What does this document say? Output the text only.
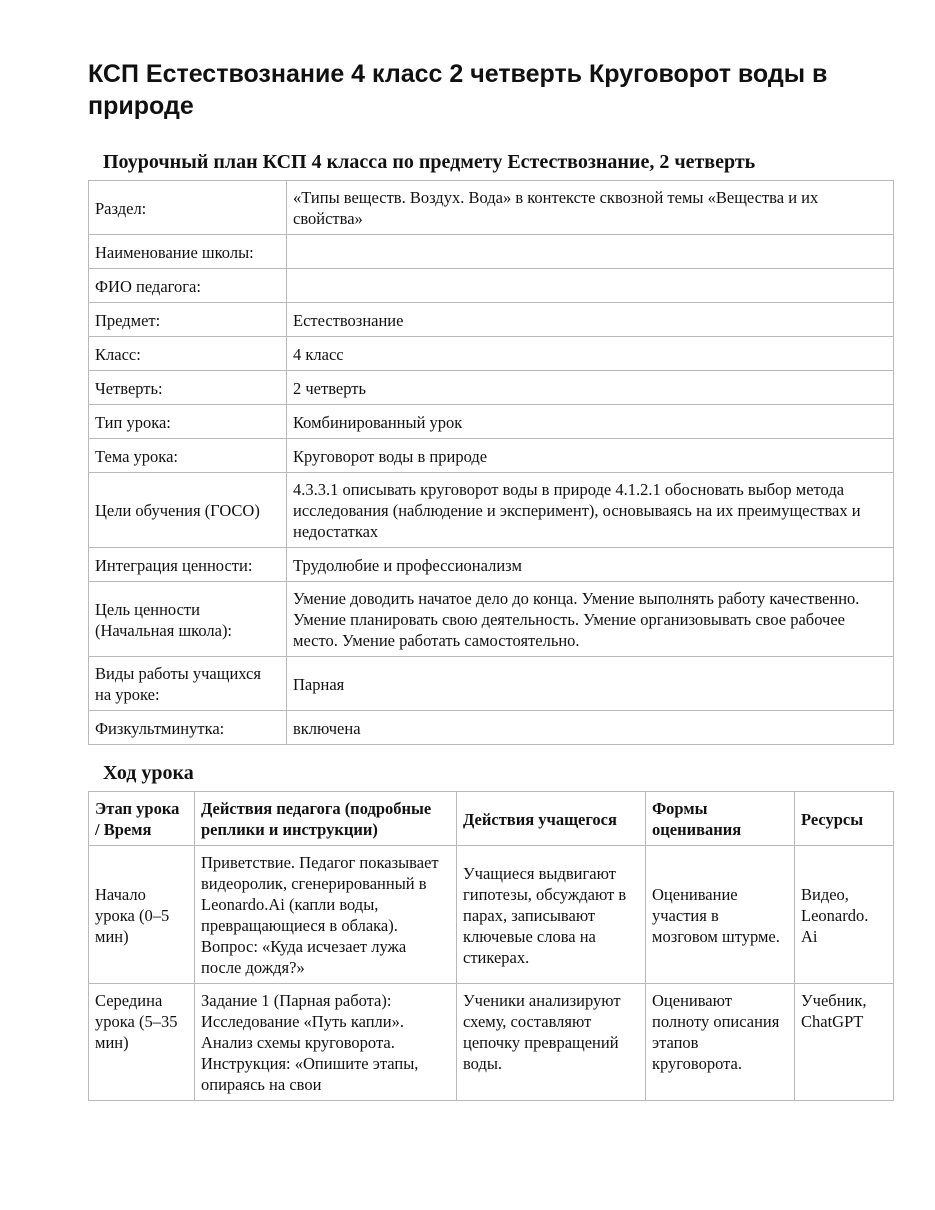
КСП Естествознание 4 класс 2 четверть Круговорот воды в природе
Поурочный план КСП 4 класса по предмету Естествознание, 2 четверть
Раздел:	«Типы веществ. Воздух. Вода» в контексте сквозной темы «Вещества и их свойства»
Наименование школы:	
ФИО педагога:	
Предмет:	Естествознание
Класс:	4 класс
Четверть:	2 четверть
Тип урока:	Комбинированный урок
Тема урока:	Круговорот воды в природе
Цели обучения (ГОСО)	4.3.3.1 описывать круговорот воды в природе 4.1.2.1 обосновать выбор метода исследования (наблюдение и эксперимент), основываясь на их преимуществах и недостатках
Интеграция ценности:	Трудолюбие и профессионализм
Цель ценности (Начальная школа):	Умение доводить начатое дело до конца. Умение выполнять работу качественно. Умение планировать свою деятельность. Умение организовывать свое рабочее место. Умение работать самостоятельно.
Виды работы учащихся на уроке:	Парная
Физкультминутка:	включена
Ход урока
Этап урока / Время	Действия педагога (подробные реплики и инструкции)	Действия учащегося	Формы оценивания	Ресурсы
Начало урока (0–5 мин)	Приветствие. Педагог показывает видеоролик, сгенерированный в Leonardo.Ai (капли воды, превращающиеся в облака). Вопрос: «Куда исчезает лужа после дождя?»	Учащиеся выдвигают гипотезы, обсуждают в парах, записывают ключевые слова на стикерах.	Оценивание участия в мозговом штурме.	Видео, Leonardo. Ai
Середина урока (5–35 мин)	Задание 1 (Парная работа): Исследование «Путь капли». Анализ схемы круговорота. Инструкция: «Опишите этапы, опираясь на свои	Ученики анализируют схему, составляют цепочку превращений воды.	Оценивают полноту описания этапов круговорота.	Учебник, ChatGPT
